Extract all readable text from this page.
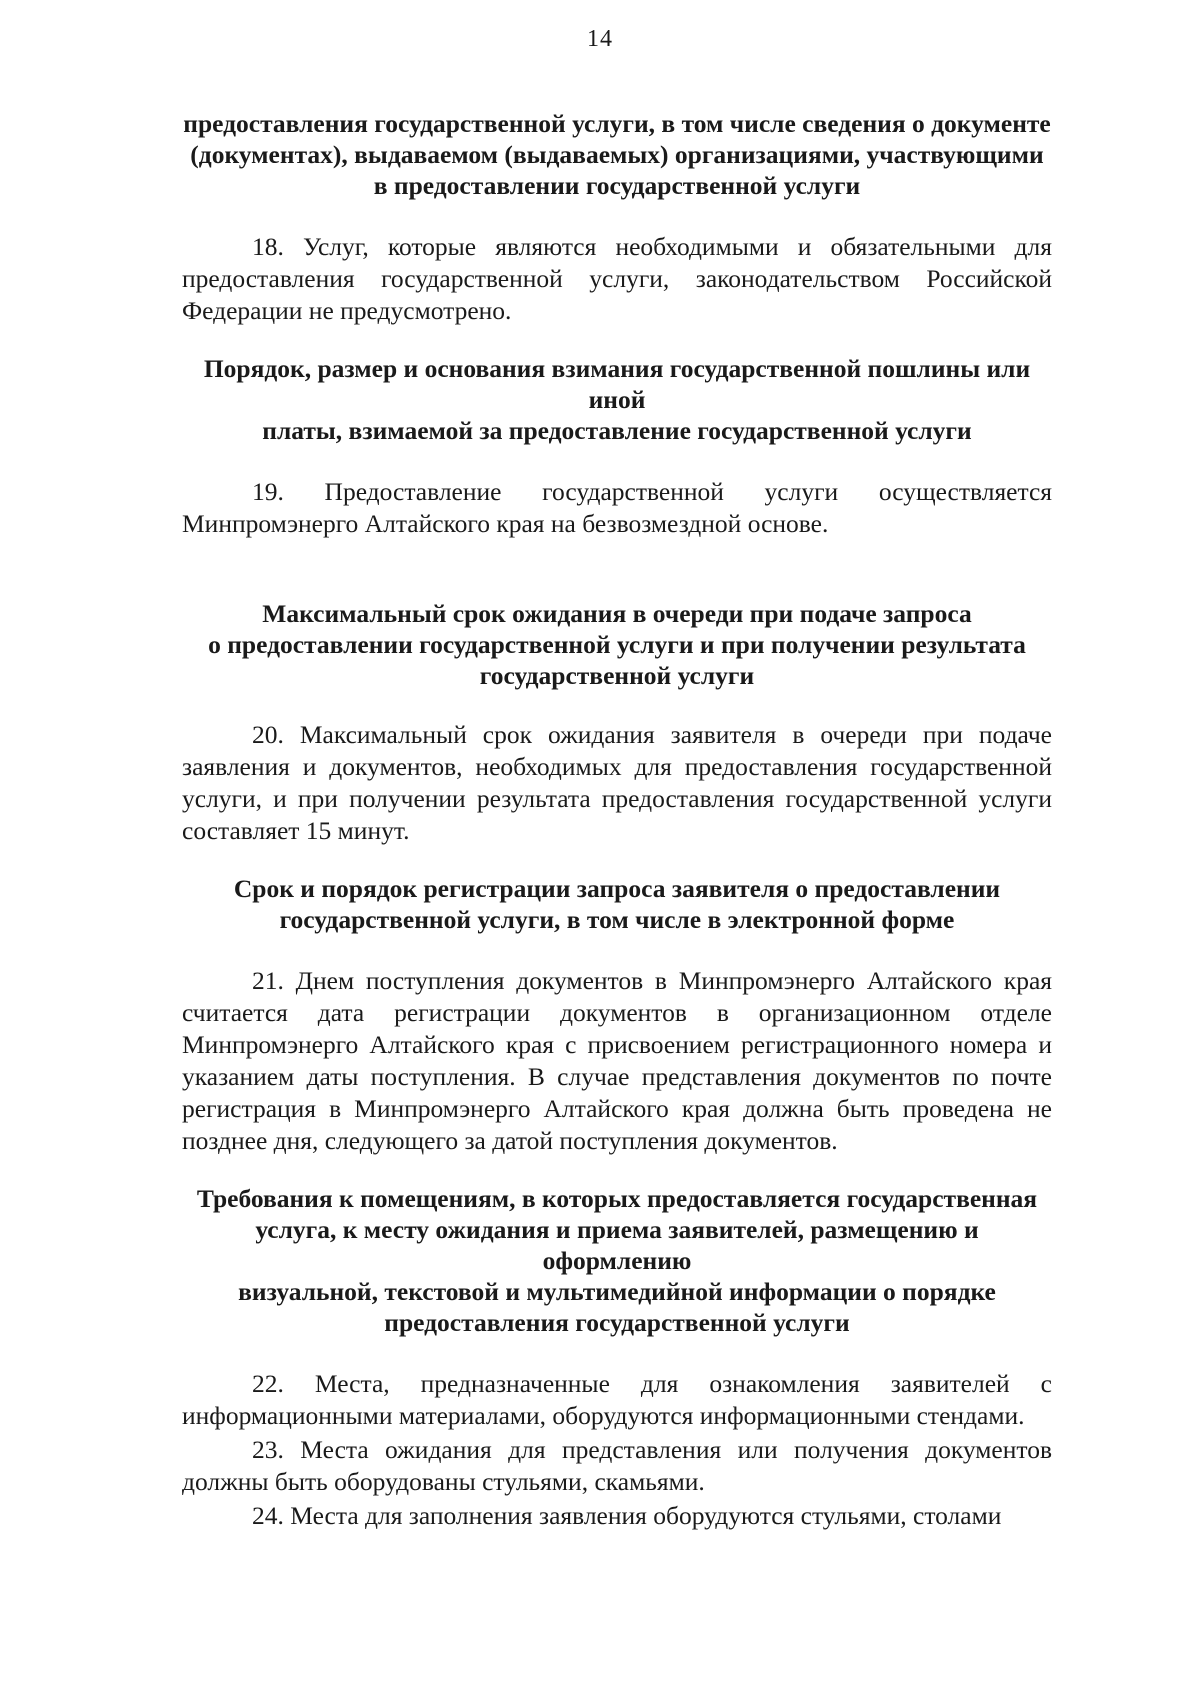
14
предоставления государственной услуги, в том числе сведения о документе
(документах), выдаваемом (выдаваемых) организациями, участвующими
в предоставлении государственной услуги

18. Услуг, которые являются необходимыми и обязательными для предоставления государственной услуги, законодательством Российской Федерации не предусмотрено.

Порядок, размер и основания взимания государственной пошлины или иной
платы, взимаемой за предоставление государственной услуги

19. Предоставление государственной услуги осуществляется Минпромэнерго Алтайского края на безвозмездной основе.

Максимальный срок ожидания в очереди при подаче запроса
о предоставлении государственной услуги и при получении результата
государственной услуги

20. Максимальный срок ожидания заявителя в очереди при подаче заявления и документов, необходимых для предоставления государственной услуги, и при получении результата предоставления государственной услуги составляет 15 минут.

Срок и порядок регистрации запроса заявителя о предоставлении
государственной услуги, в том числе в электронной форме

21. Днем поступления документов в Минпромэнерго Алтайского края считается дата регистрации документов в организационном отделе Минпромэнерго Алтайского края с присвоением регистрационного номера и указанием даты поступления. В случае представления документов по почте регистрация в Минпромэнерго Алтайского края должна быть проведена не позднее дня, следующего за датой поступления документов.

Требования к помещениям, в которых предоставляется государственная
услуга, к месту ожидания и приема заявителей, размещению и оформлению
визуальной, текстовой и мультимедийной информации о порядке
предоставления государственной услуги

22. Места, предназначенные для ознакомления заявителей с информационными материалами, оборудуются информационными стендами.

23. Места ожидания для представления или получения документов должны быть оборудованы стульями, скамьями.

24. Места для заполнения заявления оборудуются стульями, столами
